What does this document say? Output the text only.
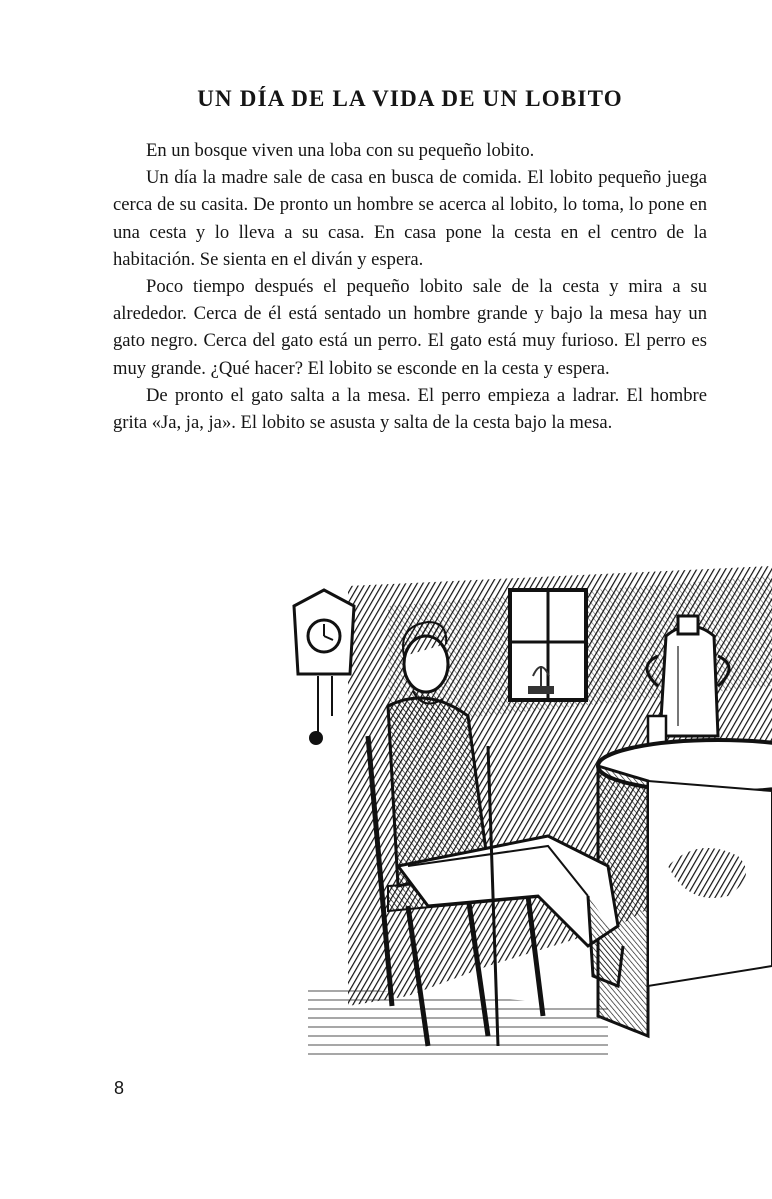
UN DÍA DE LA VIDA DE UN LOBITO

En un bosque viven una loba con su pequeño lobito.

Un día la madre sale de casa en busca de comida. El lobito pequeño juega cerca de su casita. De pronto un hombre se acerca al lobito, lo toma, lo pone en una cesta y lo lleva a su casa. En casa pone la cesta en el centro de la habitación. Se sienta en el diván y espera.

Poco tiempo después el pequeño lobito sale de la cesta y mira a su alrededor. Cerca de él está sentado un hombre grande y bajo la mesa hay un gato negro. Cerca del gato está un perro. El gato está muy furioso. El perro es muy grande. ¿Qué hacer? El lobito se esconde en la cesta y espera.

De pronto el gato salta a la mesa. El perro empieza a ladrar. El hombre grita «Ja, ja, ja». El lobito se asusta y salta de la cesta bajo la mesa.

8
